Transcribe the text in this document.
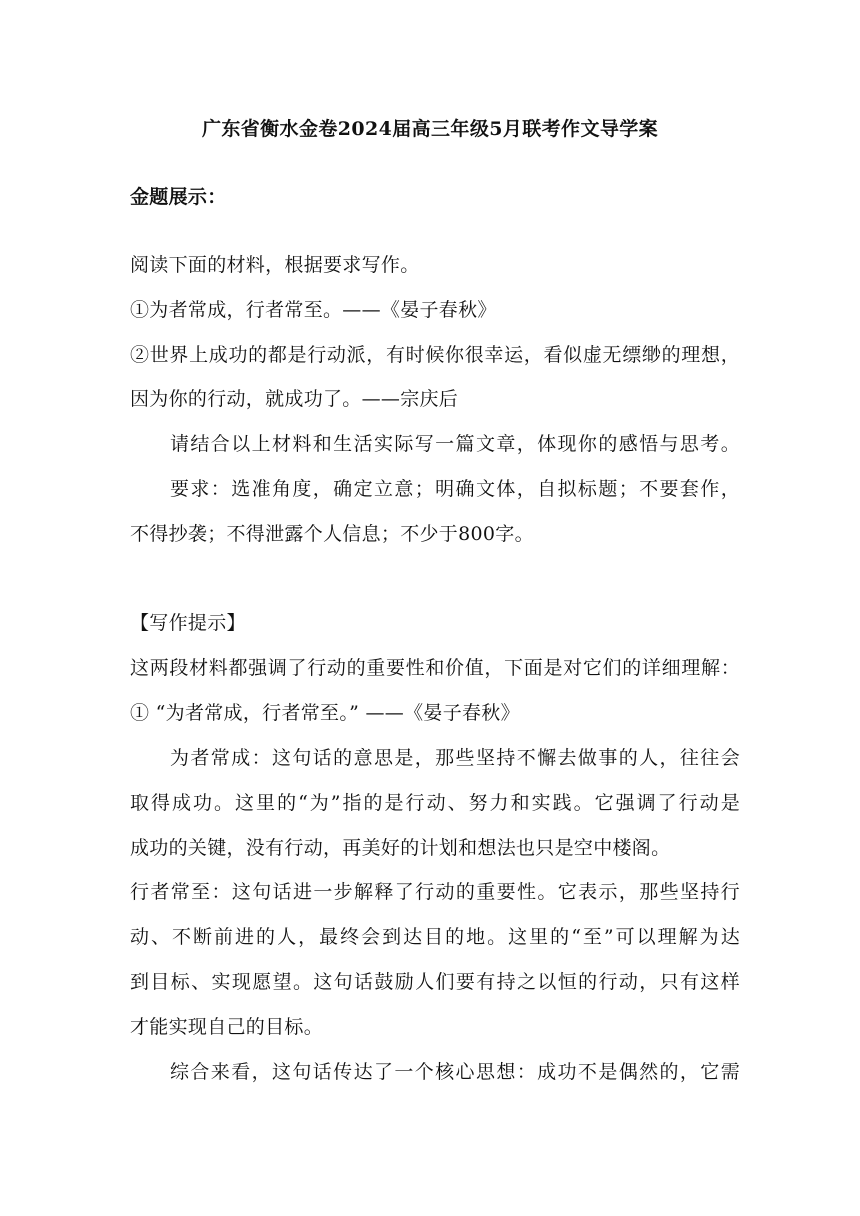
广东省衡水金卷2024届高三年级5月联考作文导学案
金题展示：
阅读下面的材料，根据要求写作。
①为者常成，行者常至。——《晏子春秋》
②世界上成功的都是行动派，有时候你很幸运，看似虚无缥缈的理想，
因为你的行动，就成功了。——宗庆后
请结合以上材料和生活实际写一篇文章，体现你的感悟与思考。
要求：选准角度，确定立意；明确文体，自拟标题；不要套作，
不得抄袭；不得泄露个人信息；不少于800字。
【写作提示】
这两段材料都强调了行动的重要性和价值，下面是对它们的详细理解：
① “为者常成，行者常至。” ——《晏子春秋》
为者常成：这句话的意思是，那些坚持不懈去做事的人，往往会
取得成功。这里的“为”指的是行动、努力和实践。它强调了行动是
成功的关键，没有行动，再美好的计划和想法也只是空中楼阁。
行者常至：这句话进一步解释了行动的重要性。它表示，那些坚持行
动、不断前进的人，最终会到达目的地。这里的“至”可以理解为达
到目标、实现愿望。这句话鼓励人们要有持之以恒的行动，只有这样
才能实现自己的目标。
综合来看，这句话传达了一个核心思想：成功不是偶然的，它需
